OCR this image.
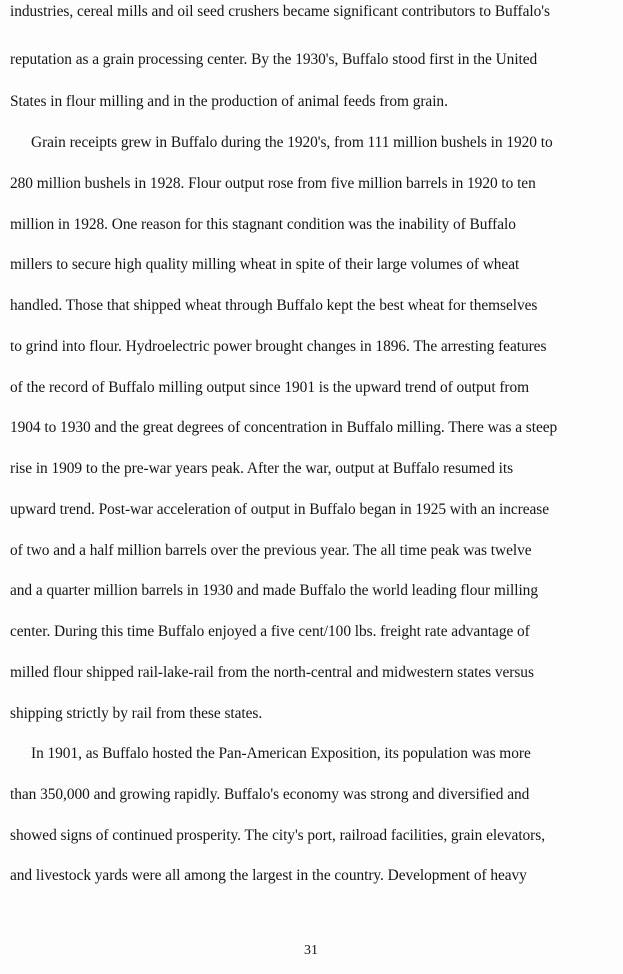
industries, cereal mills and oil seed crushers became significant contributors to Buffalo's
reputation as a grain processing center. By the 1930's, Buffalo stood first in the United
States in flour milling and in the production of animal feeds from grain.
Grain receipts grew in Buffalo during the 1920's, from 111 million bushels in 1920 to
280 million bushels in 1928. Flour output rose from five million barrels in 1920 to ten
million in 1928. One reason for this stagnant condition was the inability of Buffalo
millers to secure high quality milling wheat in spite of their large volumes of wheat
handled. Those that shipped wheat through Buffalo kept the best wheat for themselves
to grind into flour. Hydroelectric power brought changes in 1896. The arresting features
of the record of Buffalo milling output since 1901 is the upward trend of output from
1904 to 1930 and the great degrees of concentration in Buffalo milling. There was a steep
rise in 1909 to the pre-war years peak. After the war, output at Buffalo resumed its
upward trend. Post-war acceleration of output in Buffalo began in 1925 with an increase
of two and a half million barrels over the previous year. The all time peak was twelve
and a quarter million barrels in 1930 and made Buffalo the world leading flour milling
center. During this time Buffalo enjoyed a five cent/100 lbs. freight rate advantage of
milled flour shipped rail-lake-rail from the north-central and midwestern states versus
shipping strictly by rail from these states.
In 1901, as Buffalo hosted the Pan-American Exposition, its population was more
than 350,000 and growing rapidly. Buffalo's economy was strong and diversified and
showed signs of continued prosperity. The city's port, railroad facilities, grain elevators,
and livestock yards were all among the largest in the country. Development of heavy
31
